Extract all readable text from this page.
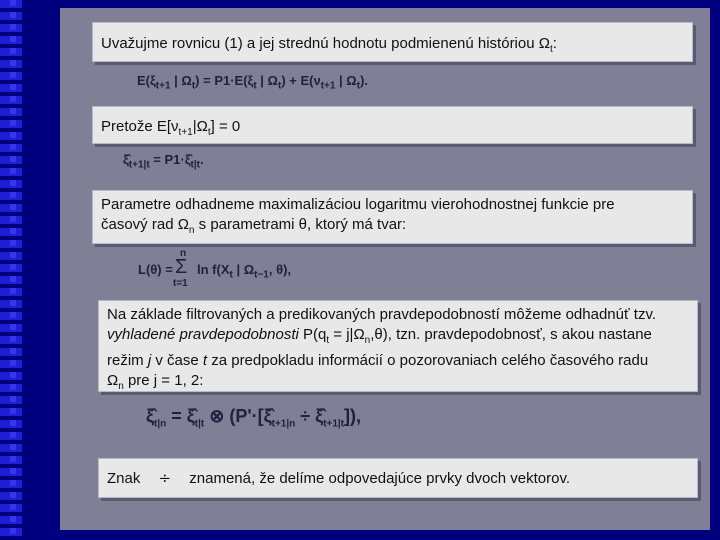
Uvažujme rovnicu (1) a jej strednú hodnotu podmienenú históriou $\Omega_t$:
$E(\xi_{t+1}$ | $\Omega_t) = P1\cdot E(\xi_t$ | $\Omega_t) + E(\nu_{t+1}$ | $\Omega_t$).
Pretože $E[\nu_{t+1}|\Omega_t] = 0$
$\xî_{t+1|t}$ = $P1\cdot\xî_{t|t}$.
Parametre odhadneme maximalizáciou logaritmu vierohodnostnej funkcie pre
časový rad $\Omega_n$ s parametrami θ, ktorý má tvar:
L(θ) =
n
Σ
t=1
$\ln f(X_t$ | $\Omega_{t-1}$, θ),
Na základe filtrovaných a predikovaných pravdepodobností môžeme odhadnúť tzv.
vyhladené pravdepodobnosti $P(q_t = j|\Omega_n,\theta)$, tzn. pravdepodobnosť, s akou nastane
režim j v čase t za predpokladu informácií o pozorovaniach celého časového radu
$\Omega_n$ pre j = 1, 2:
$\xî_{t|n}$ = $\xî_{t|t}$ ⊗ ($P'\cdot[\xî_{t+1|n}$ ÷ $\xî_{t+1|t}$]),
Znak ÷ znamená, že delíme odpovedajúce prvky dvoch vektorov.
